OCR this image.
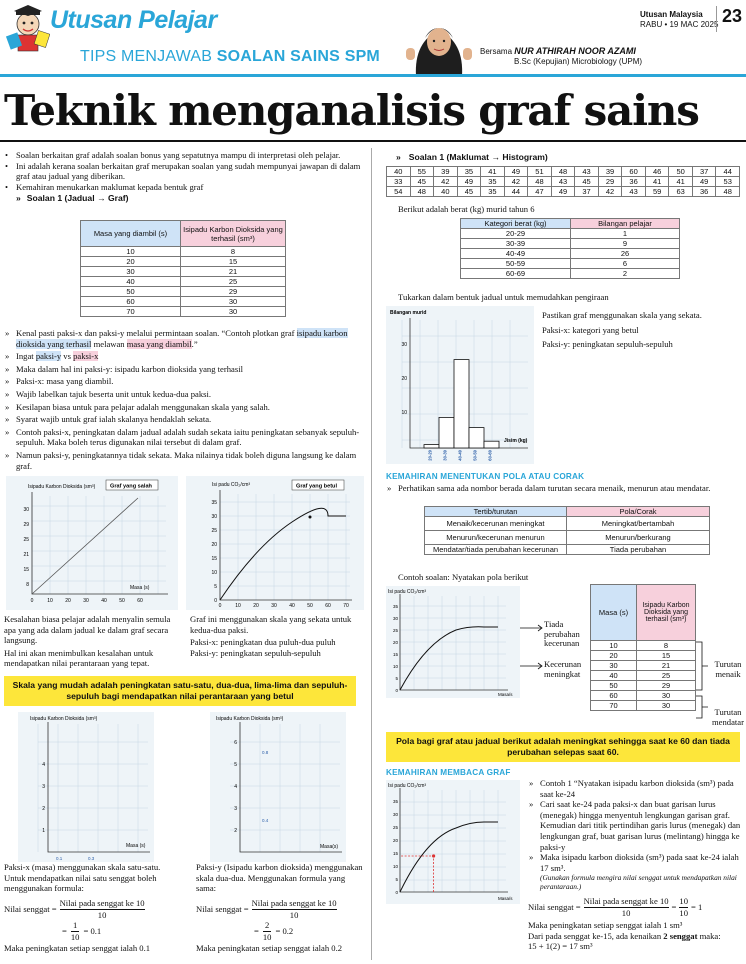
Utusan Pelajar
TIPS MENJAWAB SOALAN SAINS SPM
Utusan Malaysia
RABU • 19 MAC 2025 23
Bersama NUR ATHIRAH NOOR AZAMI
B.Sc (Kepujian) Microbiology (UPM)
Teknik menganalisis graf sains
• Soalan berkaitan graf adalah soalan bonus yang sepatutnya mampu di interpretasi oleh pelajar.
• Ini adalah kerana soalan berkaitan graf merupakan soalan yang sudah mempunyai jawapan di dalam graf atau jadual yang diberikan.
• Kemahiran menukarkan maklumat kepada bentuk graf
» Soalan 1 (Jadual → Graf)
Masa yang diambil (s)	Isipadu Karbon Dioksida yang terhasil (sm³)
10	8
20	15
30	21
40	25
50	29
60	30
70	30
» Kenal pasti paksi-x dan paksi-y melalui permintaan soalan. “Contoh plotkan graf isipadu karbon dioksida yang terhasil melawan masa yang diambil.”
» Ingat paksi-y vs paksi-x
» Maka dalam hal ini paksi-y: isipadu karbon dioksida yang terhasil
» Paksi-x: masa yang diambil.
» Wajib labelkan tajuk beserta unit untuk kedua-dua paksi.
» Kesilapan biasa untuk para pelajar adalah menggunakan skala yang salah.
» Syarat wajib untuk graf ialah skalanya hendaklah sekata.
» Contoh paksi-x, peningkatan dalam jadual adalah sudah sekata iaitu peningkatan sebanyak sepuluh-sepuluh. Maka boleh terus digunakan nilai tersebut di dalam graf.
» Namun paksi-y, peningkatannya tidak sekata. Maka nilainya tidak boleh diguna langsung ke dalam graf.
Isipadu Karbon Dioksida (sm³)	Graf yang salah
Masa (s)
8
15
21
25
29
30
0	10 20 30 40 50 60
Isi padu CO₂/cm³	Graf yang betul
0
5
10
15
20
25
30
35
0	10 20 30 40 50 60 70
Kesalahan biasa pelajar adalah menyalin semula apa yang ada dalam jadual ke dalam graf secara langsung.
Hal ini akan menimbulkan kesalahan untuk mendapatkan nilai perantaraan yang tepat.
Graf ini menggunakan skala yang sekata untuk kedua-dua paksi.
Paksi-x: peningkatan dua puluh-dua puluh
Paksi-y: peningkatan sepuluh-sepuluh
Skala yang mudah adalah peningkatan satu-satu, dua-dua, lima-lima dan sepuluh-sepuluh bagi mendapatkan nilai perantaraan yang betul
Isipadu Karbon Dioksida (sm³)
Masa (s)
4
3
2
1
0.1	0.3
Isipadu Karbon Dioksida (sm³)
Masa(s)
6
5
4
3
2
0.8
0.4
Paksi-x (masa) menggunakan skala satu-satu. Untuk mendapatkan nilai satu senggat boleh menggunakan formula:
Paksi-y (Isipadu karbon dioksida) menggunakan skala dua-dua. Menggunakan formula yang sama:
Nilai senggat =
Nilai pada senggat ke 10
10
= $\frac{1}{10} = 0.1$
Maka peningkatan setiap senggat ialah 0.1
Nilai senggat =
Nilai pada senggat ke 10
10
= $\frac{2}{10} = 0.2$
Maka peningkatan setiap senggat ialah 0.2
» Soalan 1 (Maklumat → Histogram)
40	55	39	35	41	49	51	48	43	39	60	46	50	37	44
33	45	42	49	35	42	48	43	45	29	36	41	41	49	53
54	48	40	45	35	44	47	49	37	42	43	59	63	36	48
Berikut adalah berat (kg) murid tahun 6
Kategori berat (kg)	Bilangan pelajar
20-29	1
30-39	9
40-49	26
50-59	6
60-69	2
Tukarkan dalam bentuk jadual untuk memudahkan pengiraan
Bilangan murid
Jisim (kg)
10
20
30
20-29 30-39 40-49 50-59 60-69
Pastikan graf menggunakan skala yang sekata.
Paksi-x: kategori yang betul
Paksi-y: peningkatan sepuluh-sepuluh
KEMAHIRAN MENENTUKAN POLA ATAU CORAK
» Perhatikan sama ada nombor berada dalam turutan secara menaik, menurun atau mendatar.
Tertib/turutan	Pola/Corak
Menaik/kecerunan meningkat	Meningkat/bertambah
Menurun/kecerunan menurun	Menurun/berkurang
Mendatar/tiada perubahan kecerunan	Tiada perubahan
Contoh soalan: Nyatakan pola berikut
Isi padu CO₂/cm³
Masa/s
0
5
10
15
20
25
30
35
Tiada perubahan kecerunan
Kecerunan meningkat
Masa (s)	Isipadu Karbon Dioksida yang terhasil (sm³)
10	8
20	15
30	21
40	25
50	29
60	30
70	30
Turutan menaik
Turutan mendatar
Pola bagi graf atau jadual berikut adalah meningkat sehingga saat ke 60 dan tiada perubahan selepas saat 60.
KEMAHIRAN MEMBACA GRAF
Isi padu CO₂/cm³
Masa/s
0
5
10
15
20
25
30
35
» Contoh 1 “Nyatakan isipadu karbon dioksida (sm³) pada saat ke-24
» Cari saat ke-24 pada paksi-x dan buat garisan lurus (menegak) hingga menyentuh lengkungan garisan graf. Kemudian dari titik pertindihan garis lurus (menegak) dan lengkungan graf, buat garisan lurus (melintang) hingga ke paksi-y
» Maka isipadu karbon dioksida (sm³) pada saat ke-24 ialah 17 sm³.
(Gunakan formula mengira nilai senggat untuk mendapatkan nilai perantaraan.)
Nilai senggat =
Nilai pada senggat ke 10
10
= $\frac{10}{10} = 1$
Maka peningkatan setiap senggat ialah 1 sm³
Dari pada senggat ke-15, ada kenaikan 2 senggat maka:
15 + 1(2) = 17 sm³
